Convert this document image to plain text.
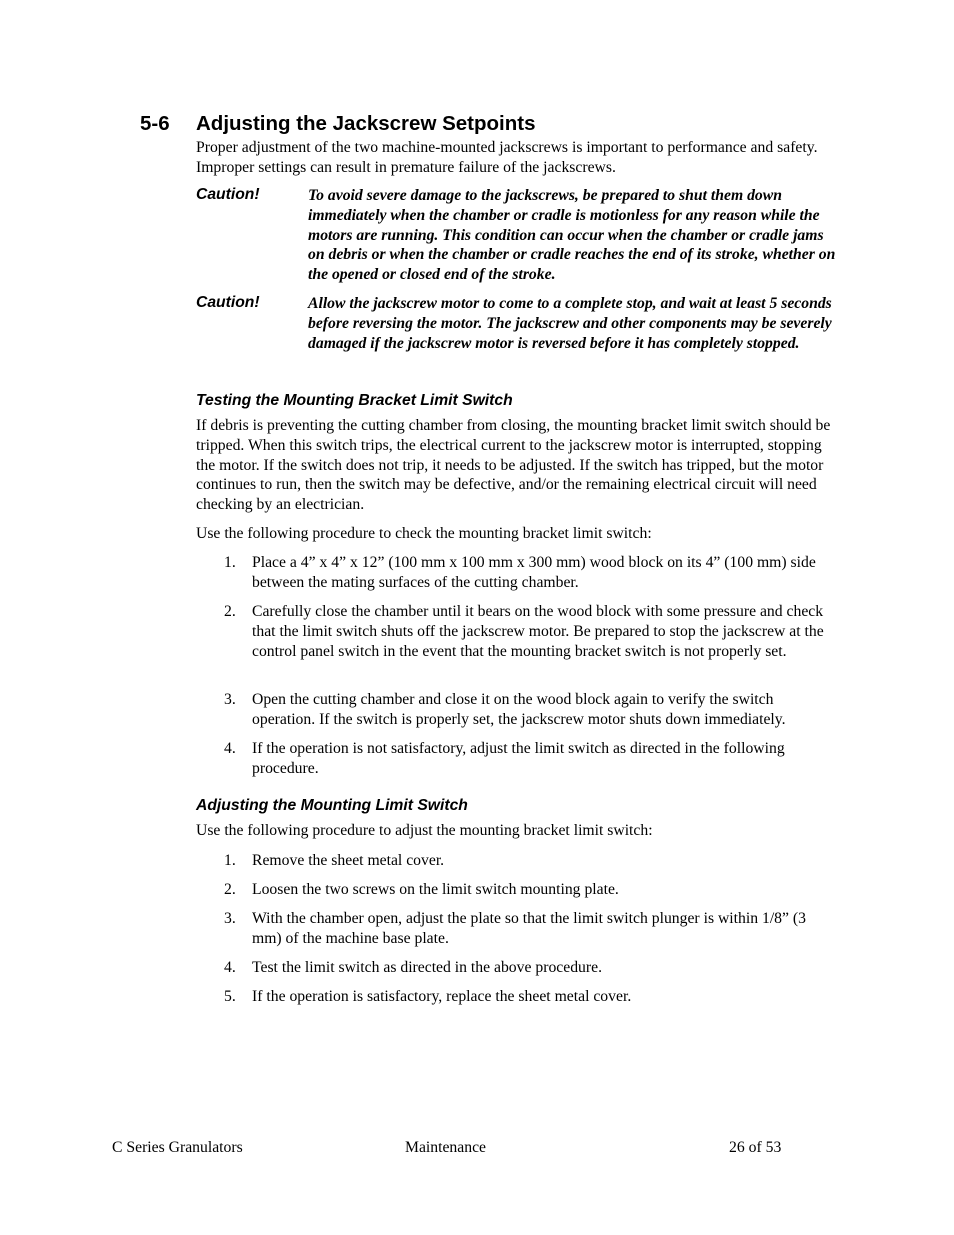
5-6 Adjusting the Jackscrew Setpoints
Proper adjustment of the two machine-mounted jackscrews is important to performance and safety. Improper settings can result in premature failure of the jackscrews.
Caution!	To avoid severe damage to the jackscrews, be prepared to shut them down immediately when the chamber or cradle is motionless for any reason while the motors are running. This condition can occur when the chamber or cradle jams on debris or when the chamber or cradle reaches the end of its stroke, whether on the opened or closed end of the stroke.
Caution!	Allow the jackscrew motor to come to a complete stop, and wait at least 5 seconds before reversing the motor. The jackscrew and other components may be severely damaged if the jackscrew motor is reversed before it has completely stopped.
Testing the Mounting Bracket Limit Switch
If debris is preventing the cutting chamber from closing, the mounting bracket limit switch should be tripped. When this switch trips, the electrical current to the jackscrew motor is interrupted, stopping the motor. If the switch does not trip, it needs to be adjusted. If the switch has tripped, but the motor continues to run, then the switch may be defective, and/or the remaining electrical circuit will need checking by an electrician.
Use the following procedure to check the mounting bracket limit switch:
1. Place a 4” x 4” x 12” (100 mm x 100 mm x 300 mm) wood block on its 4” (100 mm) side between the mating surfaces of the cutting chamber.
2. Carefully close the chamber until it bears on the wood block with some pressure and check that the limit switch shuts off the jackscrew motor. Be prepared to stop the jackscrew at the control panel switch in the event that the mounting bracket switch is not properly set.
3. Open the cutting chamber and close it on the wood block again to verify the switch operation. If the switch is properly set, the jackscrew motor shuts down immediately.
4. If the operation is not satisfactory, adjust the limit switch as directed in the following procedure.
Adjusting the Mounting Limit Switch
Use the following procedure to adjust the mounting bracket limit switch:
1. Remove the sheet metal cover.
2. Loosen the two screws on the limit switch mounting plate.
3. With the chamber open, adjust the plate so that the limit switch plunger is within 1/8” (3 mm) of the machine base plate.
4. Test the limit switch as directed in the above procedure.
5. If the operation is satisfactory, replace the sheet metal cover.
C Series Granulators	Maintenance	26 of 53
